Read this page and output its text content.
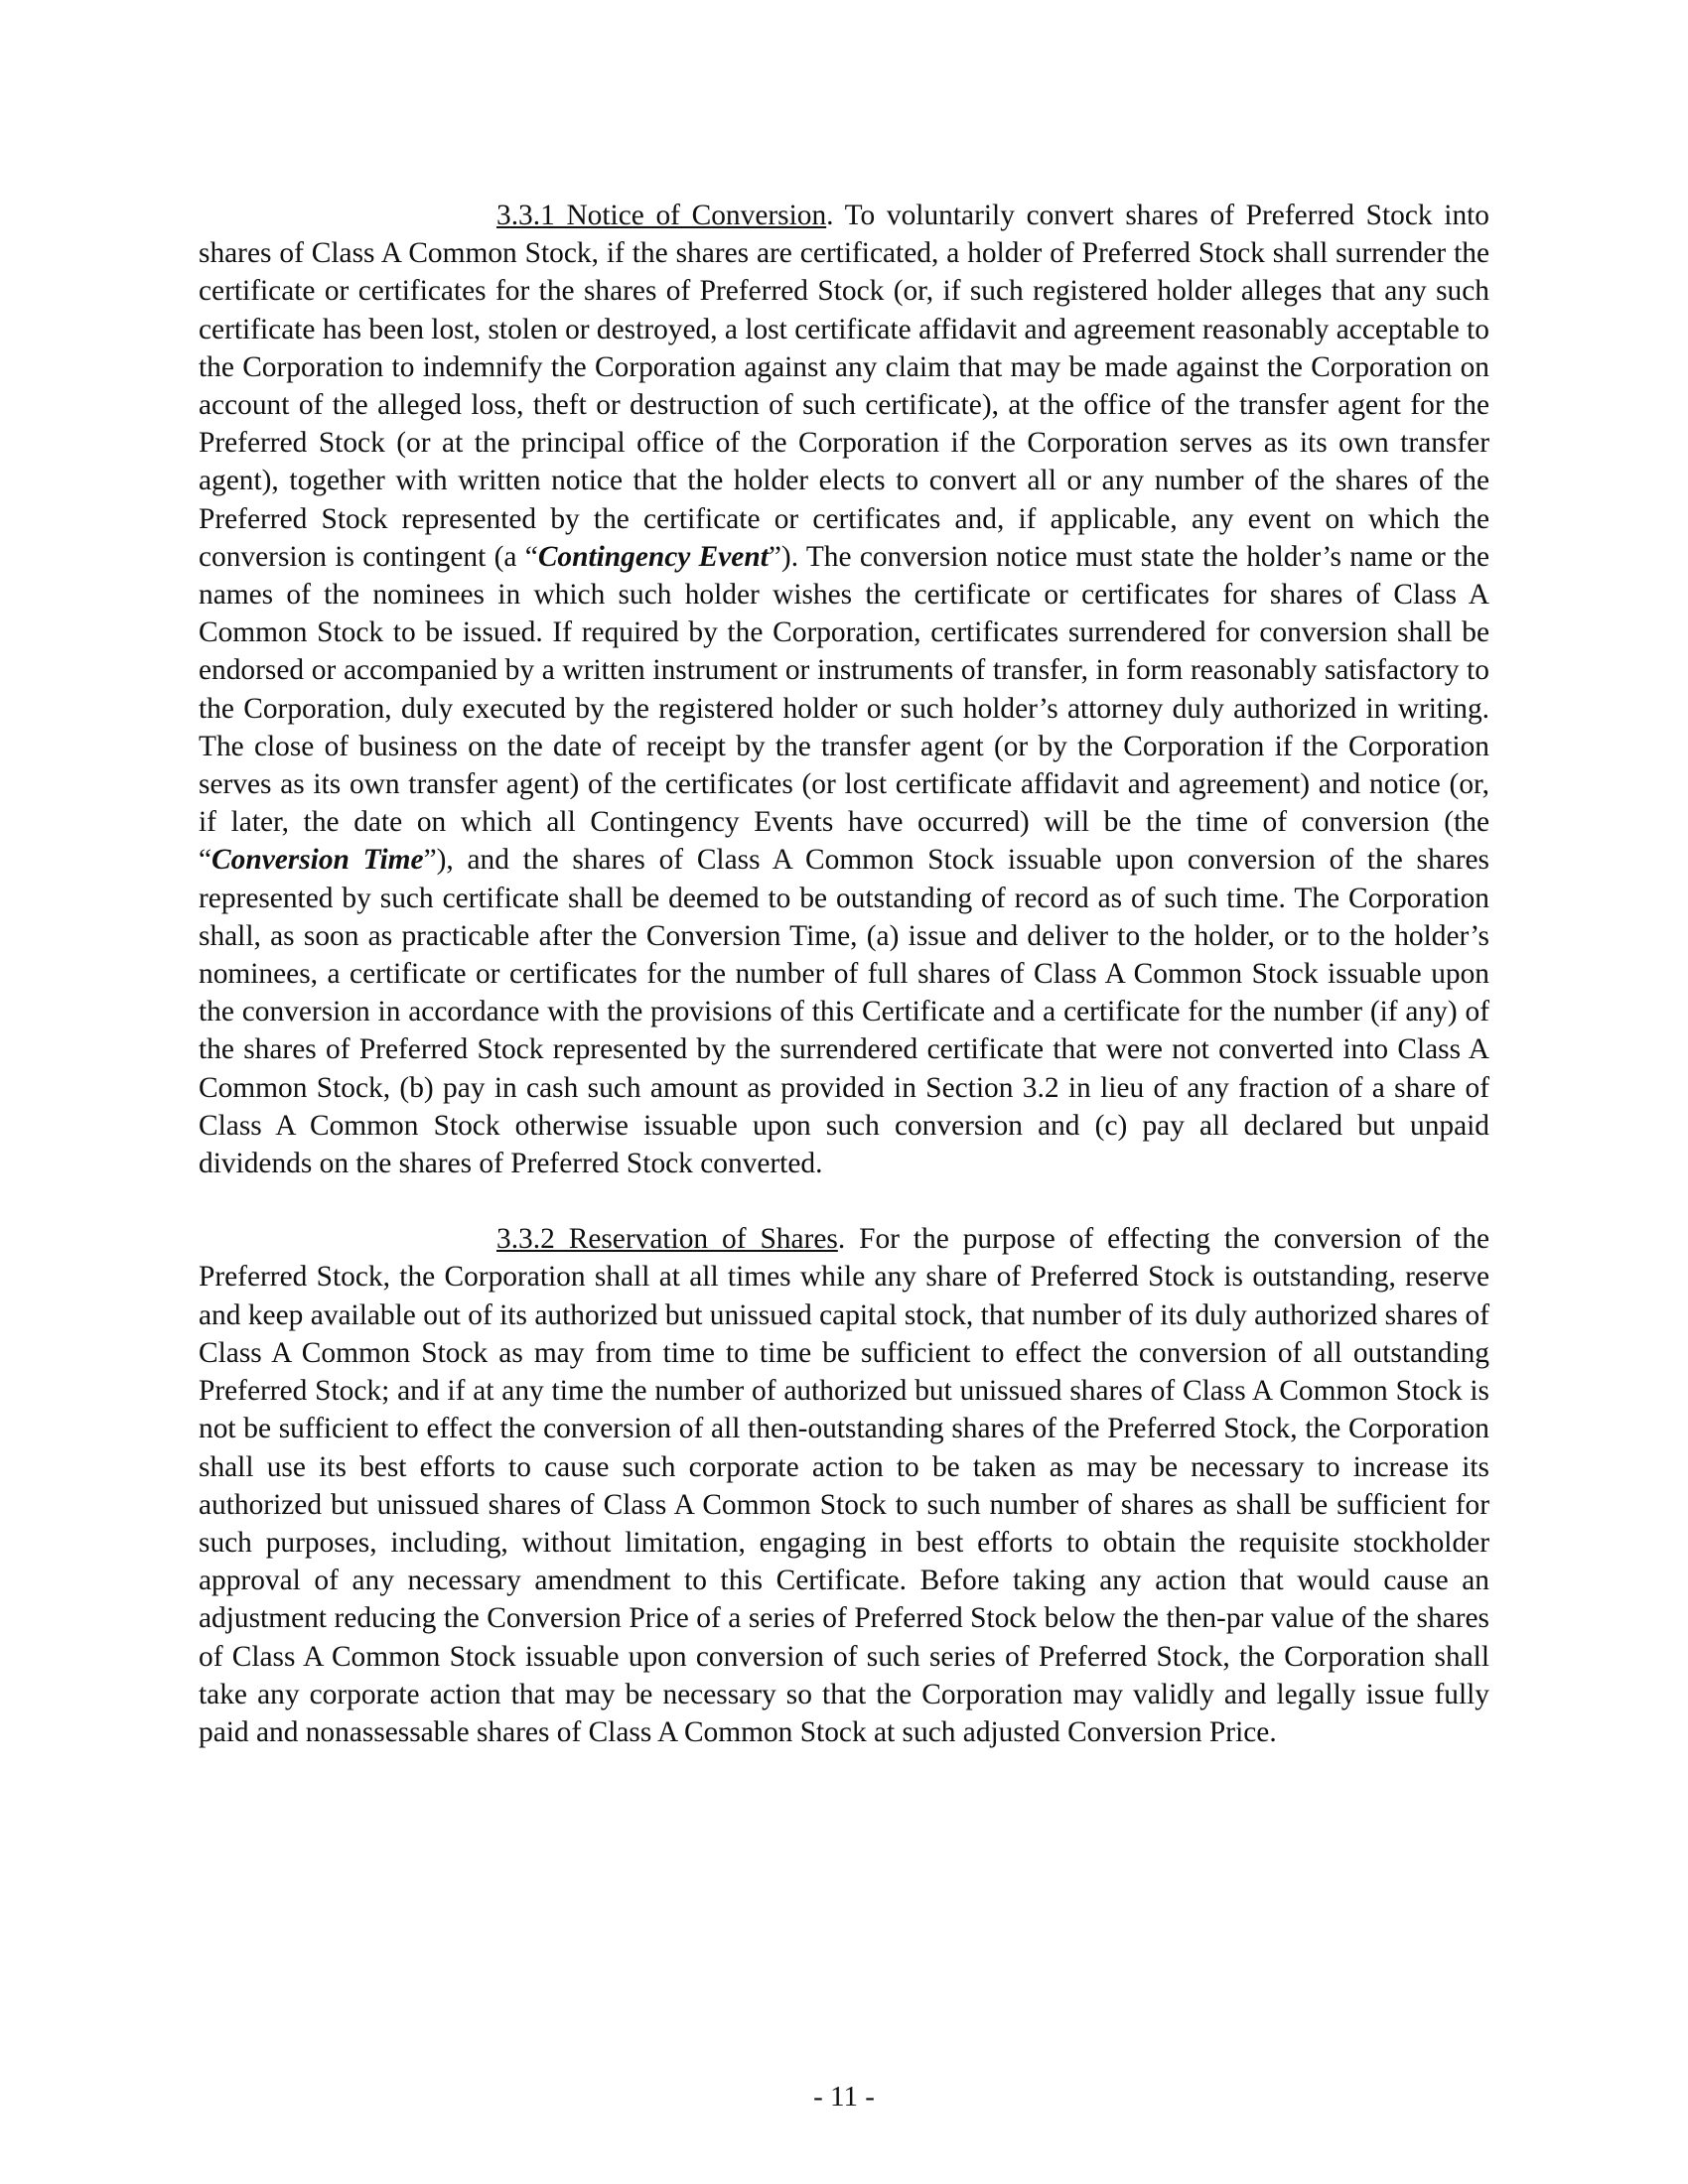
3.3.1 Notice of Conversion. To voluntarily convert shares of Preferred Stock into shares of Class A Common Stock, if the shares are certificated, a holder of Preferred Stock shall surrender the certificate or certificates for the shares of Preferred Stock (or, if such registered holder alleges that any such certificate has been lost, stolen or destroyed, a lost certificate affidavit and agreement reasonably acceptable to the Corporation to indemnify the Corporation against any claim that may be made against the Corporation on account of the alleged loss, theft or destruction of such certificate), at the office of the transfer agent for the Preferred Stock (or at the principal office of the Corporation if the Corporation serves as its own transfer agent), together with written notice that the holder elects to convert all or any number of the shares of the Preferred Stock represented by the certificate or certificates and, if applicable, any event on which the conversion is contingent (a “Contingency Event”). The conversion notice must state the holder’s name or the names of the nominees in which such holder wishes the certificate or certificates for shares of Class A Common Stock to be issued. If required by the Corporation, certificates surrendered for conversion shall be endorsed or accompanied by a written instrument or instruments of transfer, in form reasonably satisfactory to the Corporation, duly executed by the registered holder or such holder’s attorney duly authorized in writing. The close of business on the date of receipt by the transfer agent (or by the Corporation if the Corporation serves as its own transfer agent) of the certificates (or lost certificate affidavit and agreement) and notice (or, if later, the date on which all Contingency Events have occurred) will be the time of conversion (the “Conversion Time”), and the shares of Class A Common Stock issuable upon conversion of the shares represented by such certificate shall be deemed to be outstanding of record as of such time. The Corporation shall, as soon as practicable after the Conversion Time, (a) issue and deliver to the holder, or to the holder’s nominees, a certificate or certificates for the number of full shares of Class A Common Stock issuable upon the conversion in accordance with the provisions of this Certificate and a certificate for the number (if any) of the shares of Preferred Stock represented by the surrendered certificate that were not converted into Class A Common Stock, (b) pay in cash such amount as provided in Section 3.2 in lieu of any fraction of a share of Class A Common Stock otherwise issuable upon such conversion and (c) pay all declared but unpaid dividends on the shares of Preferred Stock converted.

3.3.2 Reservation of Shares. For the purpose of effecting the conversion of the Preferred Stock, the Corporation shall at all times while any share of Preferred Stock is outstanding, reserve and keep available out of its authorized but unissued capital stock, that number of its duly authorized shares of Class A Common Stock as may from time to time be sufficient to effect the conversion of all outstanding Preferred Stock; and if at any time the number of authorized but unissued shares of Class A Common Stock is not be sufficient to effect the conversion of all then-outstanding shares of the Preferred Stock, the Corporation shall use its best efforts to cause such corporate action to be taken as may be necessary to increase its authorized but unissued shares of Class A Common Stock to such number of shares as shall be sufficient for such purposes, including, without limitation, engaging in best efforts to obtain the requisite stockholder approval of any necessary amendment to this Certificate. Before taking any action that would cause an adjustment reducing the Conversion Price of a series of Preferred Stock below the then-par value of the shares of Class A Common Stock issuable upon conversion of such series of Preferred Stock, the Corporation shall take any corporate action that may be necessary so that the Corporation may validly and legally issue fully paid and nonassessable shares of Class A Common Stock at such adjusted Conversion Price.

- 11 -
